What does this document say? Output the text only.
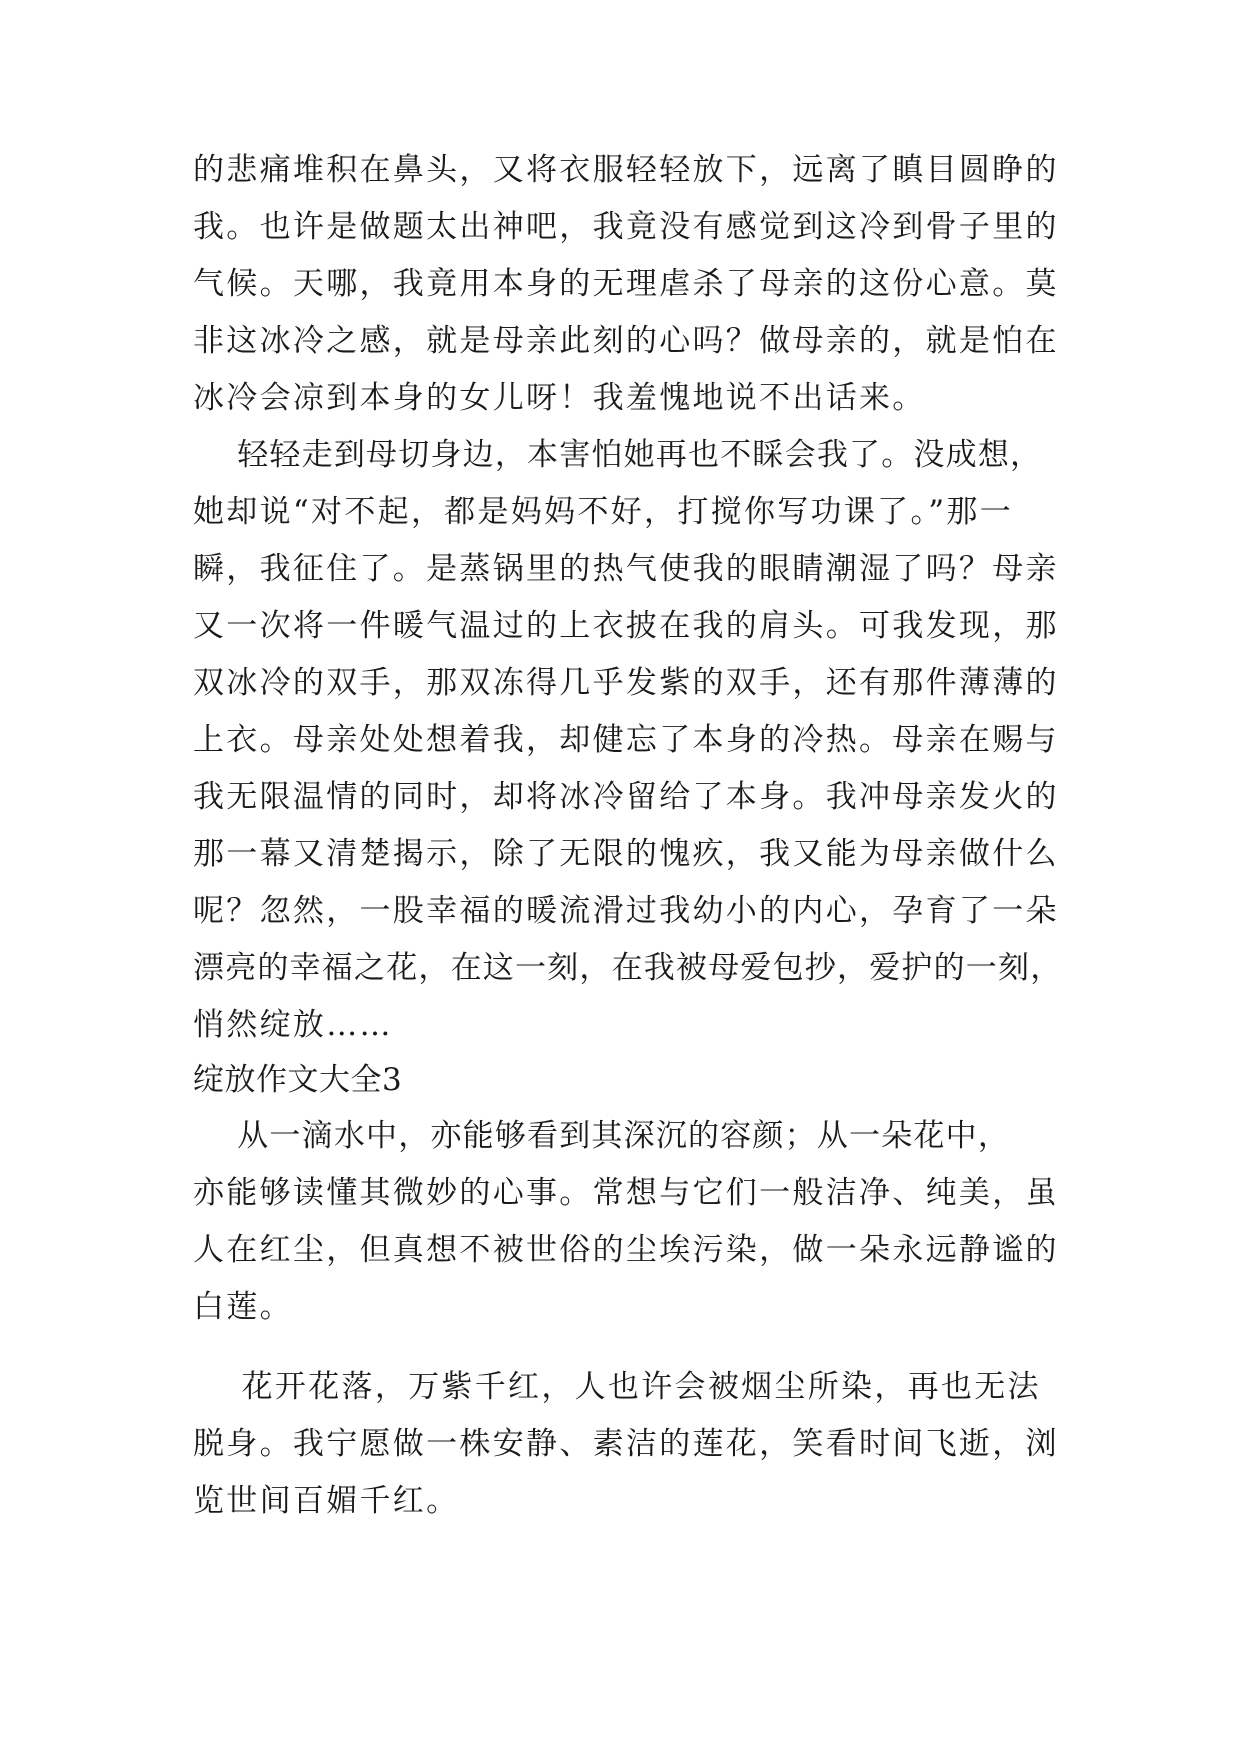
的悲痛堆积在鼻头，又将衣服轻轻放下，远离了瞋目圆睁的
我。也许是做题太出神吧，我竟没有感觉到这冷到骨子里的
气候。天哪，我竟用本身的无理虐杀了母亲的这份心意。莫
非这冰冷之感，就是母亲此刻的心吗？做母亲的，就是怕在
冰冷会凉到本身的女儿呀！我羞愧地说不出话来。
轻轻走到母切身边，本害怕她再也不睬会我了。没成想，
她却说“对不起，都是妈妈不好，打搅你写功课了。”那一
瞬，我征住了。是蒸锅里的热气使我的眼睛潮湿了吗？母亲
又一次将一件暖气温过的上衣披在我的肩头。可我发现，那
双冰冷的双手，那双冻得几乎发紫的双手，还有那件薄薄的
上衣。母亲处处想着我，却健忘了本身的冷热。母亲在赐与
我无限温情的同时，却将冰冷留给了本身。我冲母亲发火的
那一幕又清楚揭示，除了无限的愧疚，我又能为母亲做什么
呢？忽然，一股幸福的暖流滑过我幼小的内心，孕育了一朵
漂亮的幸福之花，在这一刻，在我被母爱包抄，爱护的一刻，
悄然绽放……
绽放作文大全3
从一滴水中，亦能够看到其深沉的容颜；从一朵花中，
亦能够读懂其微妙的心事。常想与它们一般洁净、纯美，虽
人在红尘，但真想不被世俗的尘埃污染，做一朵永远静谧的
白莲。
花开花落，万紫千红，人也许会被烟尘所染，再也无法
脱身。我宁愿做一株安静、素洁的莲花，笑看时间飞逝，浏
览世间百媚千红。
